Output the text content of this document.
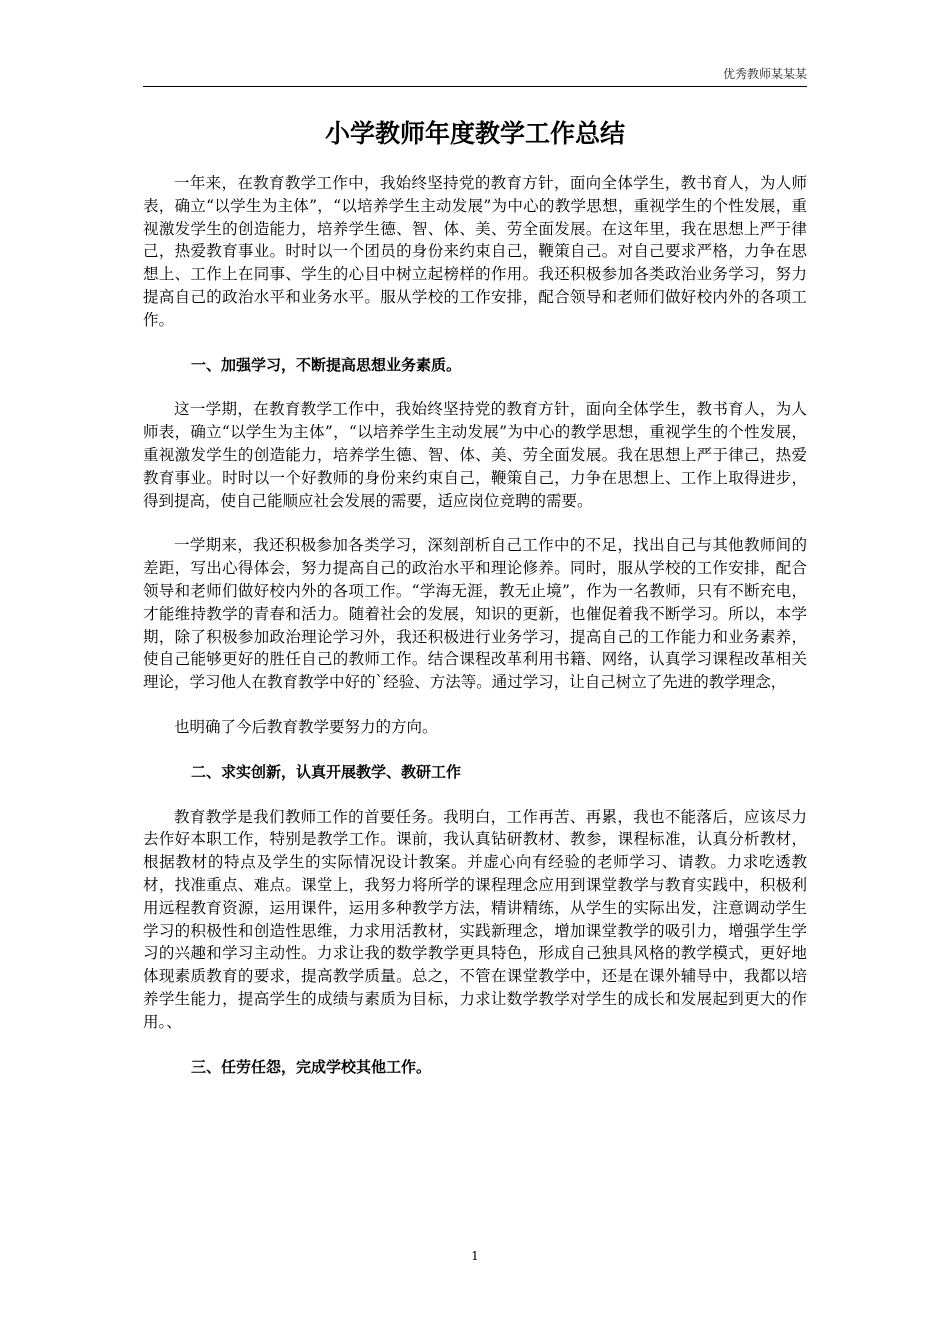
优秀教师某某某
小学教师年度教学工作总结

一年来，在教育教学工作中，我始终坚持党的教育方针，面向全体学生，教书育人，为人师表，确立“以学生为主体”，“以培养学生主动发展”为中心的教学思想，重视学生的个性发展，重视激发学生的创造能力，培养学生德、智、体、美、劳全面发展。在这年里，我在思想上严于律己，热爱教育事业。时时以一个团员的身份来约束自己，鞭策自己。对自己要求严格，力争在思想上、工作上在同事、学生的心目中树立起榜样的作用。我还积极参加各类政治业务学习，努力提高自己的政治水平和业务水平。服从学校的工作安排，配合领导和老师们做好校内外的各项工作。

一、加强学习，不断提高思想业务素质。

这一学期，在教育教学工作中，我始终坚持党的教育方针，面向全体学生，教书育人，为人师表，确立“以学生为主体”，“以培养学生主动发展”为中心的教学思想，重视学生的个性发展，重视激发学生的创造能力，培养学生德、智、体、美、劳全面发展。我在思想上严于律己，热爱教育事业。时时以一个好教师的身份来约束自己，鞭策自己，力争在思想上、工作上取得进步，得到提高，使自己能顺应社会发展的需要，适应岗位竞聘的需要。

一学期来，我还积极参加各类学习，深刻剖析自己工作中的不足，找出自己与其他教师间的差距，写出心得体会，努力提高自己的政治水平和理论修养。同时，服从学校的工作安排，配合领导和老师们做好校内外的各项工作。“学海无涯，教无止境”，作为一名教师，只有不断充电，才能维持教学的青春和活力。随着社会的发展，知识的更新，也催促着我不断学习。所以，本学期，除了积极参加政治理论学习外，我还积极进行业务学习，提高自己的工作能力和业务素养，使自己能够更好的胜任自己的教师工作。结合课程改革利用书籍、网络，认真学习课程改革相关理论，学习他人在教育教学中好的`经验、方法等。通过学习，让自己树立了先进的教学理念，

也明确了今后教育教学要努力的方向。

二、求实创新，认真开展教学、教研工作

教育教学是我们教师工作的首要任务。我明白，工作再苦、再累，我也不能落后，应该尽力去作好本职工作，特别是教学工作。课前，我认真钻研教材、教参，课程标准，认真分析教材，根据教材的特点及学生的实际情况设计教案。并虚心向有经验的老师学习、请教。力求吃透教材，找准重点、难点。课堂上，我努力将所学的课程理念应用到课堂教学与教育实践中，积极利用远程教育资源，运用课件，运用多种教学方法，精讲精练，从学生的实际出发，注意调动学生学习的积极性和创造性思维，力求用活教材，实践新理念，增加课堂教学的吸引力，增强学生学习的兴趣和学习主动性。力求让我的数学教学更具特色，形成自己独具风格的教学模式，更好地体现素质教育的要求，提高教学质量。总之，不管在课堂教学中，还是在课外辅导中，我都以培养学生能力，提高学生的成绩与素质为目标，力求让数学教学对学生的成长和发展起到更大的作用。、

三、任劳任怨，完成学校其他工作。
1
